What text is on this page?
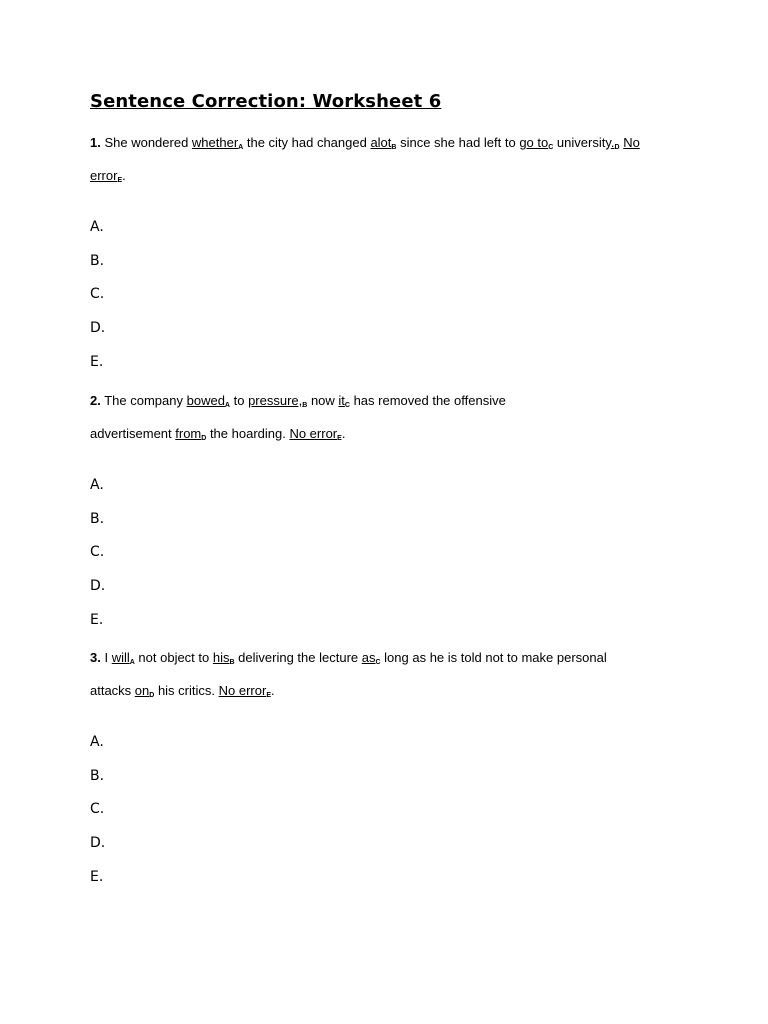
Sentence Correction: Worksheet 6
1. She wondered whether$_A$ the city had changed alot$_B$ since she had left to go $to_C$ $university._D$ No
error$_E$.
A.
B.
C.
D.
E.
2. The company bowed$_A$ to $pressure,_B$ now $it_C$ has removed the offensive
advertisement from$_D$ the hoarding. No error$_E$.
A.
B.
C.
D.
E.
3. I will$_A$ not object to his$_B$ delivering the lecture $as_C$ long as he is told not to make personal
attacks $on_D$ his critics. No error$_E$.
A.
B.
C.
D.
E.
